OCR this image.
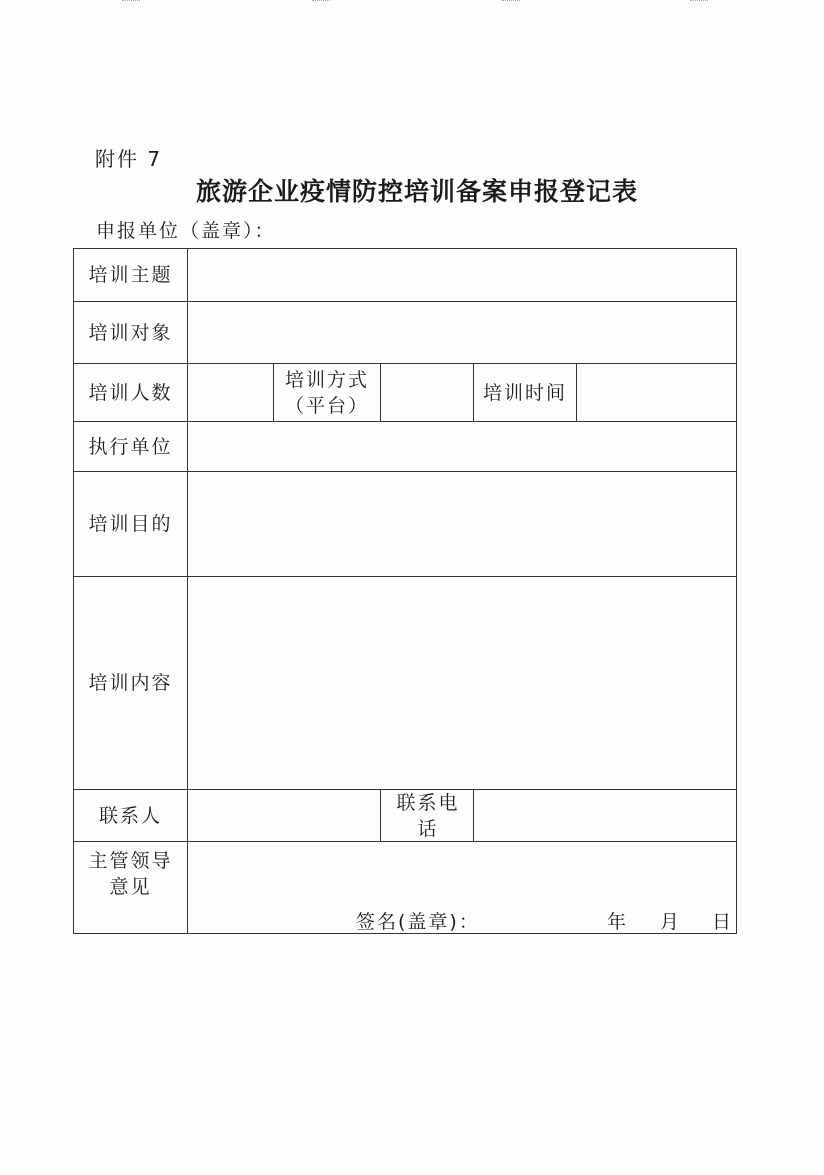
附件 7
旅游企业疫情防控培训备案申报登记表
申报单位（盖章）：
培训主题
培训对象
培训人数
培训方式（平台）
培训时间
执行单位
培训目的
培训内容
联系人
联系电话
主管领导意见
签名(盖章)：	年 月 日
